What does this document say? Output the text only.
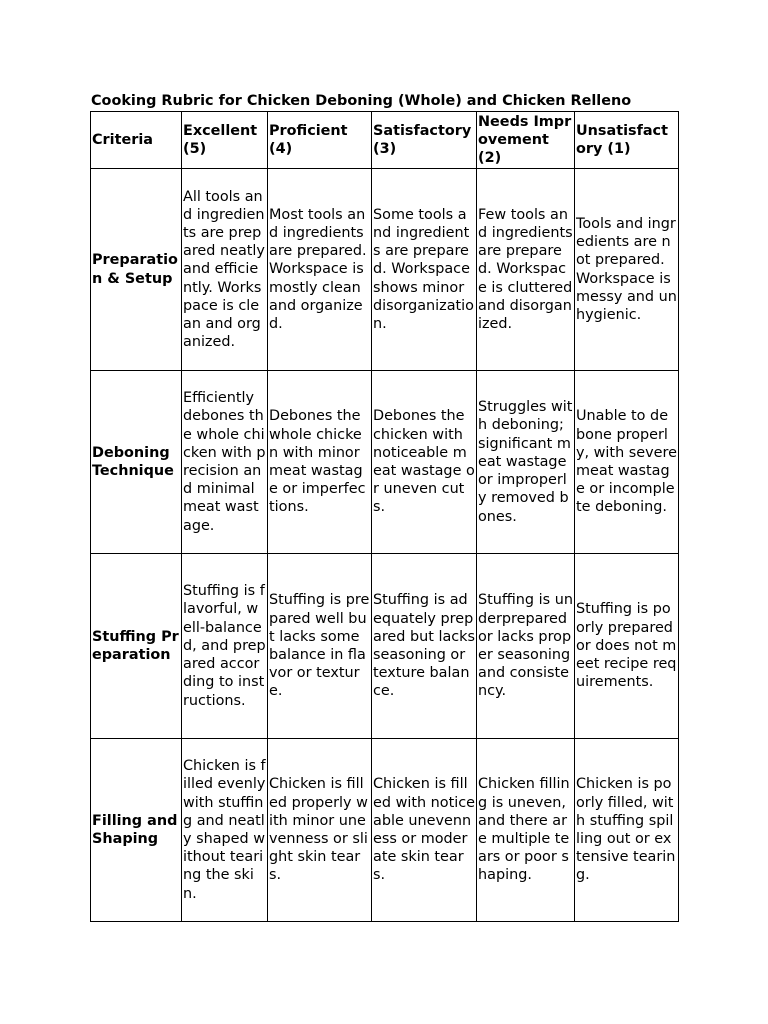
Cooking Rubric for Chicken Deboning (Whole) and Chicken Relleno
Criteria	Excellent (5)	Proficient (4)	Satisfactory (3)	Needs Improvement (2)	Unsatisfactory (1)
Preparation & Setup	All tools and ingredients are prepared neatly and efficiently. Workspace is clean and organized.	Most tools and ingredients are prepared. Workspace is mostly clean and organized.	Some tools and ingredients are prepared. Workspace shows minor disorganization.	Few tools and ingredients are prepared. Workspace is cluttered and disorganized.	Tools and ingredients are not prepared. Workspace is messy and unhygienic.
Deboning Technique	Efficiently debones the whole chicken with precision and minimal meat wastage.	Debones the whole chicken with minor meat wastage or imperfections.	Debones the chicken with noticeable meat wastage or uneven cuts.	Struggles with deboning; significant meat wastage or improperly removed bones.	Unable to debone properly, with severe meat wastage or incomplete deboning.
Stuffing Preparation	Stuffing is flavorful, well-balanced, and prepared according to instructions.	Stuffing is prepared well but lacks some balance in flavor or texture.	Stuffing is adequately prepared but lacks seasoning or texture balance.	Stuffing is underprepared or lacks proper seasoning and consistency.	Stuffing is poorly prepared or does not meet recipe requirements.
Filling and Shaping	Chicken is filled evenly with stuffing and neatly shaped without tearing the skin.	Chicken is filled properly with minor unevenness or slight skin tears.	Chicken is filled with noticeable unevenness or moderate skin tears.	Chicken filling is uneven, and there are multiple tears or poor shaping.	Chicken is poorly filled, with stuffing spilling out or extensive tearing.
